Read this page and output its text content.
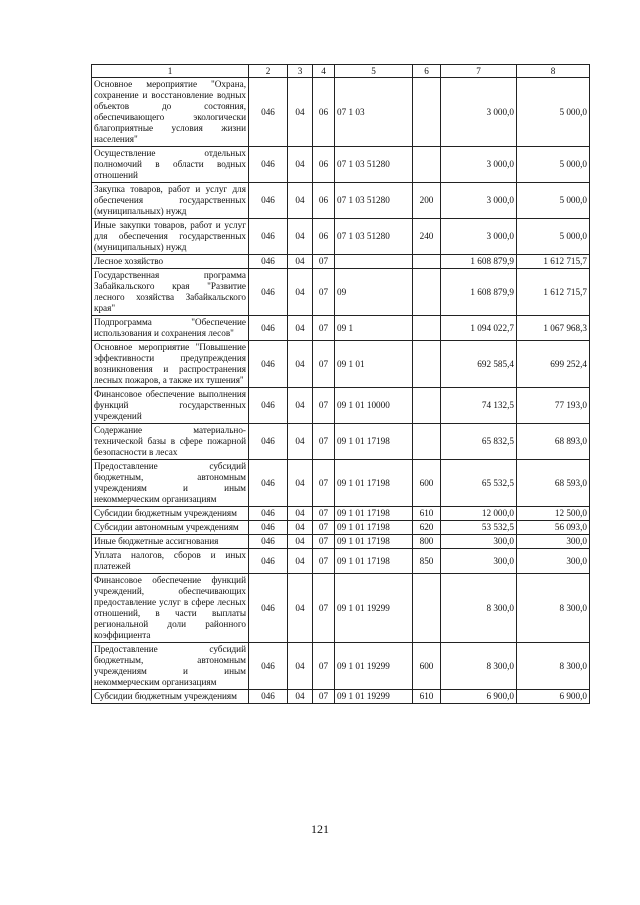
1	2	3	4	5	6	7	8
Основное мероприятие "Охрана, сохранение и восстановление водных объектов до состояния, обеспечивающего экологически благоприятные условия жизни населения"	046	04	06	07 1 03		3 000,0	5 000,0
Осуществление отдельных полномочий в области водных отношений	046	04	06	07 1 03 51280		3 000,0	5 000,0
Закупка товаров, работ и услуг для обеспечения государственных (муниципальных) нужд	046	04	06	07 1 03 51280	200	3 000,0	5 000,0
Иные закупки товаров, работ и услуг для обеспечения государственных (муниципальных) нужд	046	04	06	07 1 03 51280	240	3 000,0	5 000,0
Лесное хозяйство	046	04	07			1 608 879,9	1 612 715,7
Государственная программа Забайкальского края "Развитие лесного хозяйства Забайкальского края"	046	04	07	09		1 608 879,9	1 612 715,7
Подпрограмма "Обеспечение использования и сохранения лесов"	046	04	07	09 1		1 094 022,7	1 067 968,3
Основное мероприятие "Повышение эффективности предупреждения возникновения и распространения лесных пожаров, а также их тушения"	046	04	07	09 1 01		692 585,4	699 252,4
Финансовое обеспечение выполнения функций государственных учреждений	046	04	07	09 1 01 10000		74 132,5	77 193,0
Содержание материально-технической базы в сфере пожарной безопасности в лесах	046	04	07	09 1 01 17198		65 832,5	68 893,0
Предоставление субсидий бюджетным, автономным учреждениям и иным некоммерческим организациям	046	04	07	09 1 01 17198	600	65 532,5	68 593,0
Субсидии бюджетным учреждениям	046	04	07	09 1 01 17198	610	12 000,0	12 500,0
Субсидии автономным учреждениям	046	04	07	09 1 01 17198	620	53 532,5	56 093,0
Иные бюджетные ассигнования	046	04	07	09 1 01 17198	800	300,0	300,0
Уплата налогов, сборов и иных платежей	046	04	07	09 1 01 17198	850	300,0	300,0
Финансовое обеспечение функций учреждений, обеспечивающих предоставление услуг в сфере лесных отношений, в части выплаты региональной доли районного коэффициента	046	04	07	09 1 01 19299		8 300,0	8 300,0
Предоставление субсидий бюджетным, автономным учреждениям и иным некоммерческим организациям	046	04	07	09 1 01 19299	600	8 300,0	8 300,0
Субсидии бюджетным учреждениям	046	04	07	09 1 01 19299	610	6 900,0	6 900,0
121
